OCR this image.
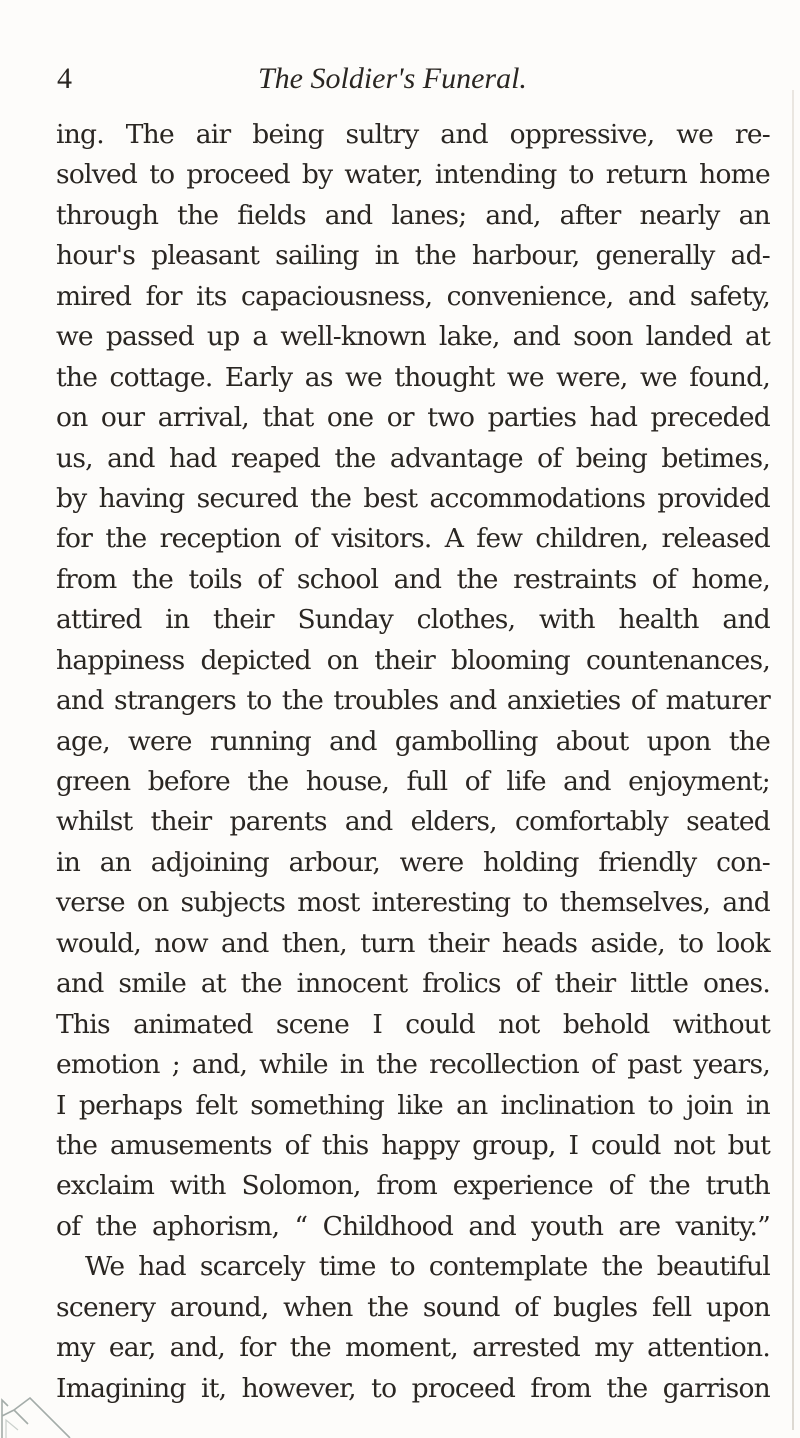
4	The Soldier's Funeral.
ing. The air being sultry and oppressive, we re-
solved to proceed by water, intending to return home
through the fields and lanes; and, after nearly an
hour's pleasant sailing in the harbour, generally ad-
mired for its capaciousness, convenience, and safety,
we passed up a well-known lake, and soon landed at
the cottage. Early as we thought we were, we found,
on our arrival, that one or two parties had preceded
us, and had reaped the advantage of being betimes,
by having secured the best accommodations provided
for the reception of visitors. A few children, released
from the toils of school and the restraints of home,
attired in their Sunday clothes, with health and
happiness depicted on their blooming countenances,
and strangers to the troubles and anxieties of maturer
age, were running and gambolling about upon the
green before the house, full of life and enjoyment;
whilst their parents and elders, comfortably seated
in an adjoining arbour, were holding friendly con-
verse on subjects most interesting to themselves, and
would, now and then, turn their heads aside, to look
and smile at the innocent frolics of their little ones.
This animated scene I could not behold without
emotion ; and, while in the recollection of past years,
I perhaps felt something like an inclination to join in
the amusements of this happy group, I could not but
exclaim with Solomon, from experience of the truth
of the aphorism, “ Childhood and youth are vanity.”
We had scarcely time to contemplate the beautiful
scenery around, when the sound of bugles fell upon
my ear, and, for the moment, arrested my attention.
Imagining it, however, to proceed from the garrison
